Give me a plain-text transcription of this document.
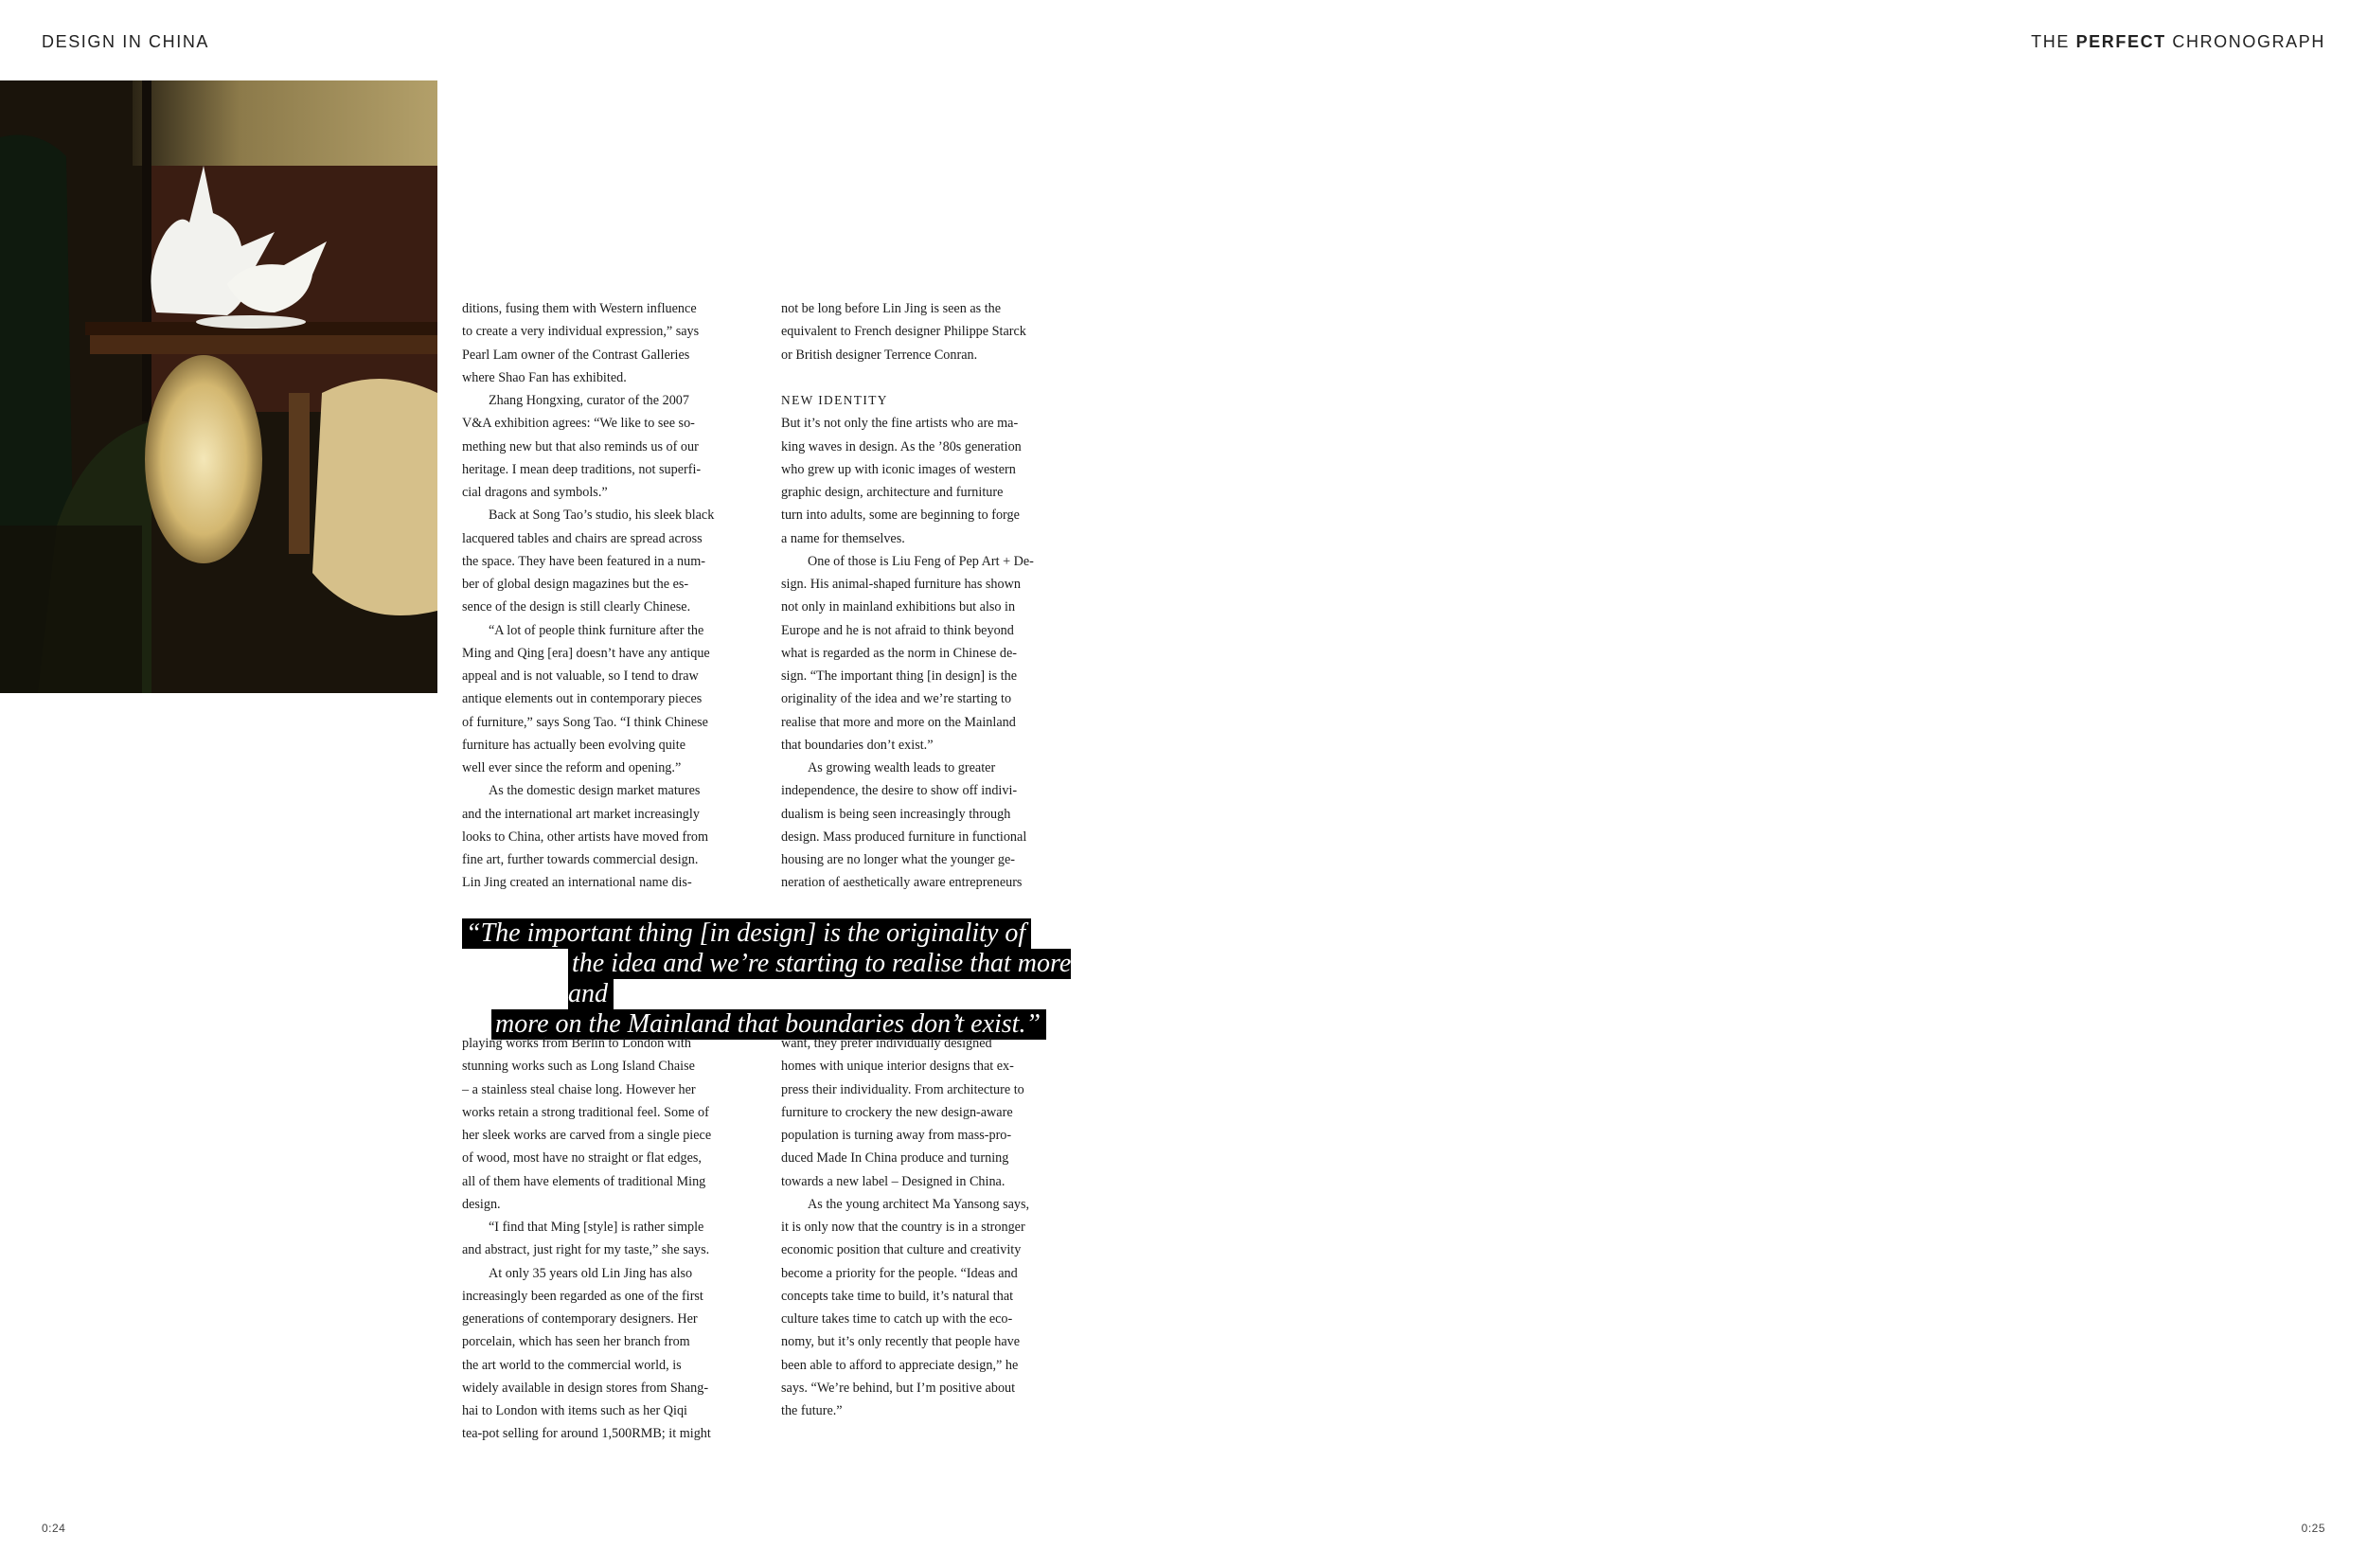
DESIGN IN CHINA	THE PERFECT CHRONOGRAPH

ditions, fusing them with Western influence

to create a very individual expression,” says

Pearl Lam owner of the Contrast Galleries

where Shao Fan has exhibited.

Zhang Hongxing, curator of the 2007

V&A exhibition agrees: “We like to see so-

mething new but that also reminds us of our

heritage. I mean deep traditions, not superfi-

cial dragons and symbols.”

Back at Song Tao’s studio, his sleek black

lacquered tables and chairs are spread across

the space. They have been featured in a num-

ber of global design magazines but the es-

sence of the design is still clearly Chinese.

“A lot of people think furniture after the

Ming and Qing [era] doesn’t have any antique

appeal and is not valuable, so I tend to draw

antique elements out in contemporary pieces

of furniture,” says Song Tao. “I think Chinese

furniture has actually been evolving quite

well ever since the reform and opening.”

As the domestic design market matures

and the international art market increasingly

looks to China, other artists have moved from

fine art, further towards commercial design.

Lin Jing created an international name dis-

not be long before Lin Jing is seen as the

equivalent to French designer Philippe Starck

or British designer Terrence Conran.

NEW IDENTITY

But it’s not only the fine artists who are ma-

king waves in design. As the ’80s generation

who grew up with iconic images of western

graphic design, architecture and furniture

turn into adults, some are beginning to forge

a name for themselves.

One of those is Liu Feng of Pep Art + De-

sign. His animal-shaped furniture has shown

not only in mainland exhibitions but also in

Europe and he is not afraid to think beyond

what is regarded as the norm in Chinese de-

sign. “The important thing [in design] is the

originality of the idea and we’re starting to

realise that more and more on the Mainland

that boundaries don’t exist.”

As growing wealth leads to greater

independence, the desire to show off indivi-

dualism is being seen increasingly through

design. Mass produced furniture in functional

housing are no longer what the younger ge-

neration of aesthetically aware entrepreneurs

“The important thing [in design] is the originality of
the idea and we’re starting to realise that more and
more on the Mainland that boundaries don’t exist.”

playing works from Berlin to London with

stunning works such as Long Island Chaise

– a stainless steal chaise long. However her

works retain a strong traditional feel. Some of

her sleek works are carved from a single piece

of wood, most have no straight or flat edges,

all of them have elements of traditional Ming

design.

“I find that Ming [style] is rather simple

and abstract, just right for my taste,” she says.

At only 35 years old Lin Jing has also

increasingly been regarded as one of the first

generations of contemporary designers. Her

porcelain, which has seen her branch from

the art world to the commercial world, is

widely available in design stores from Shang-

hai to London with items such as her Qiqi

tea-pot selling for around 1,500RMB; it might

want, they prefer individually designed

homes with unique interior designs that ex-

press their individuality. From architecture to

furniture to crockery the new design-aware

population is turning away from mass-pro-

duced Made In China produce and turning

towards a new label – Designed in China.

As the young architect Ma Yansong says,

it is only now that the country is in a stronger

economic position that culture and creativity

become a priority for the people. “Ideas and

concepts take time to build, it’s natural that

culture takes time to catch up with the eco-

nomy, but it’s only recently that people have

been able to afford to appreciate design,” he

says. “We’re behind, but I’m positive about

the future.”

0:24	0:25
